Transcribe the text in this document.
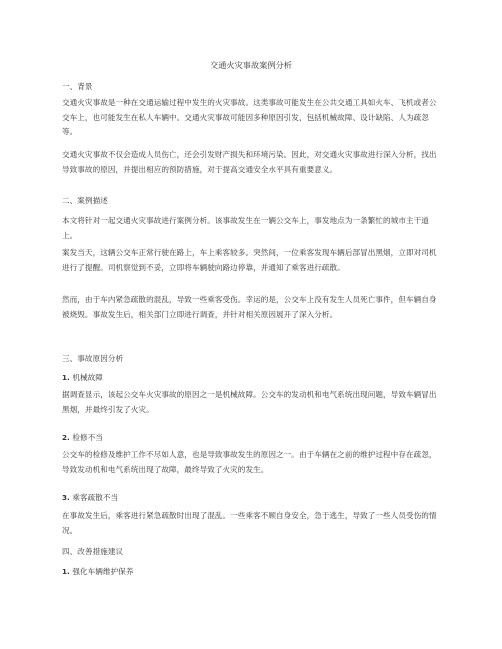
交通火灾事故案例分析
一、背景
交通火灾事故是一种在交通运输过程中发生的火灾事故。这类事故可能发生在公共交通工具如火车、飞机或者公交车上，也可能发生在私人车辆中。交通火灾事故可能因多种原因引发，包括机械故障、设计缺陷、人为疏忽等。
交通火灾事故不仅会造成人员伤亡，还会引发财产损失和环境污染。因此，对交通火灾事故进行深入分析，找出导致事故的原因，并提出相应的预防措施，对于提高交通安全水平具有重要意义。
二、案例描述
本文将针对一起交通火灾事故进行案例分析。该事故发生在一辆公交车上，事发地点为一条繁忙的城市主干道上。
案发当天，这辆公交车正常行驶在路上，车上乘客较多。突然间，一位乘客发现车辆后部冒出黑烟，立即对司机进行了提醒。司机察觉到不妥，立即将车辆驶向路边停靠，并通知了乘客进行疏散。
然而，由于车内紧急疏散的混乱，导致一些乘客受伤。幸运的是，公交车上没有发生人员死亡事件，但车辆自身被烧毁。事故发生后，相关部门立即进行调查，并针对相关原因展开了深入分析。
三、事故原因分析
1. 机械故障
据调查显示，该起公交车火灾事故的原因之一是机械故障。公交车的发动机和电气系统出现问题，导致车辆冒出黑烟，并最终引发了火灾。
2. 检修不当
公交车的检修及维护工作不尽如人意，也是导致事故发生的原因之一。由于车辆在之前的维护过程中存在疏忽，导致发动机和电气系统出现了故障，最终导致了火灾的发生。
3. 乘客疏散不当
在事故发生后，乘客进行紧急疏散时出现了混乱。一些乘客不顾自身安全，急于逃生，导致了一些人员受伤的情况。
四、改善措施建议
1. 强化车辆维护保养
